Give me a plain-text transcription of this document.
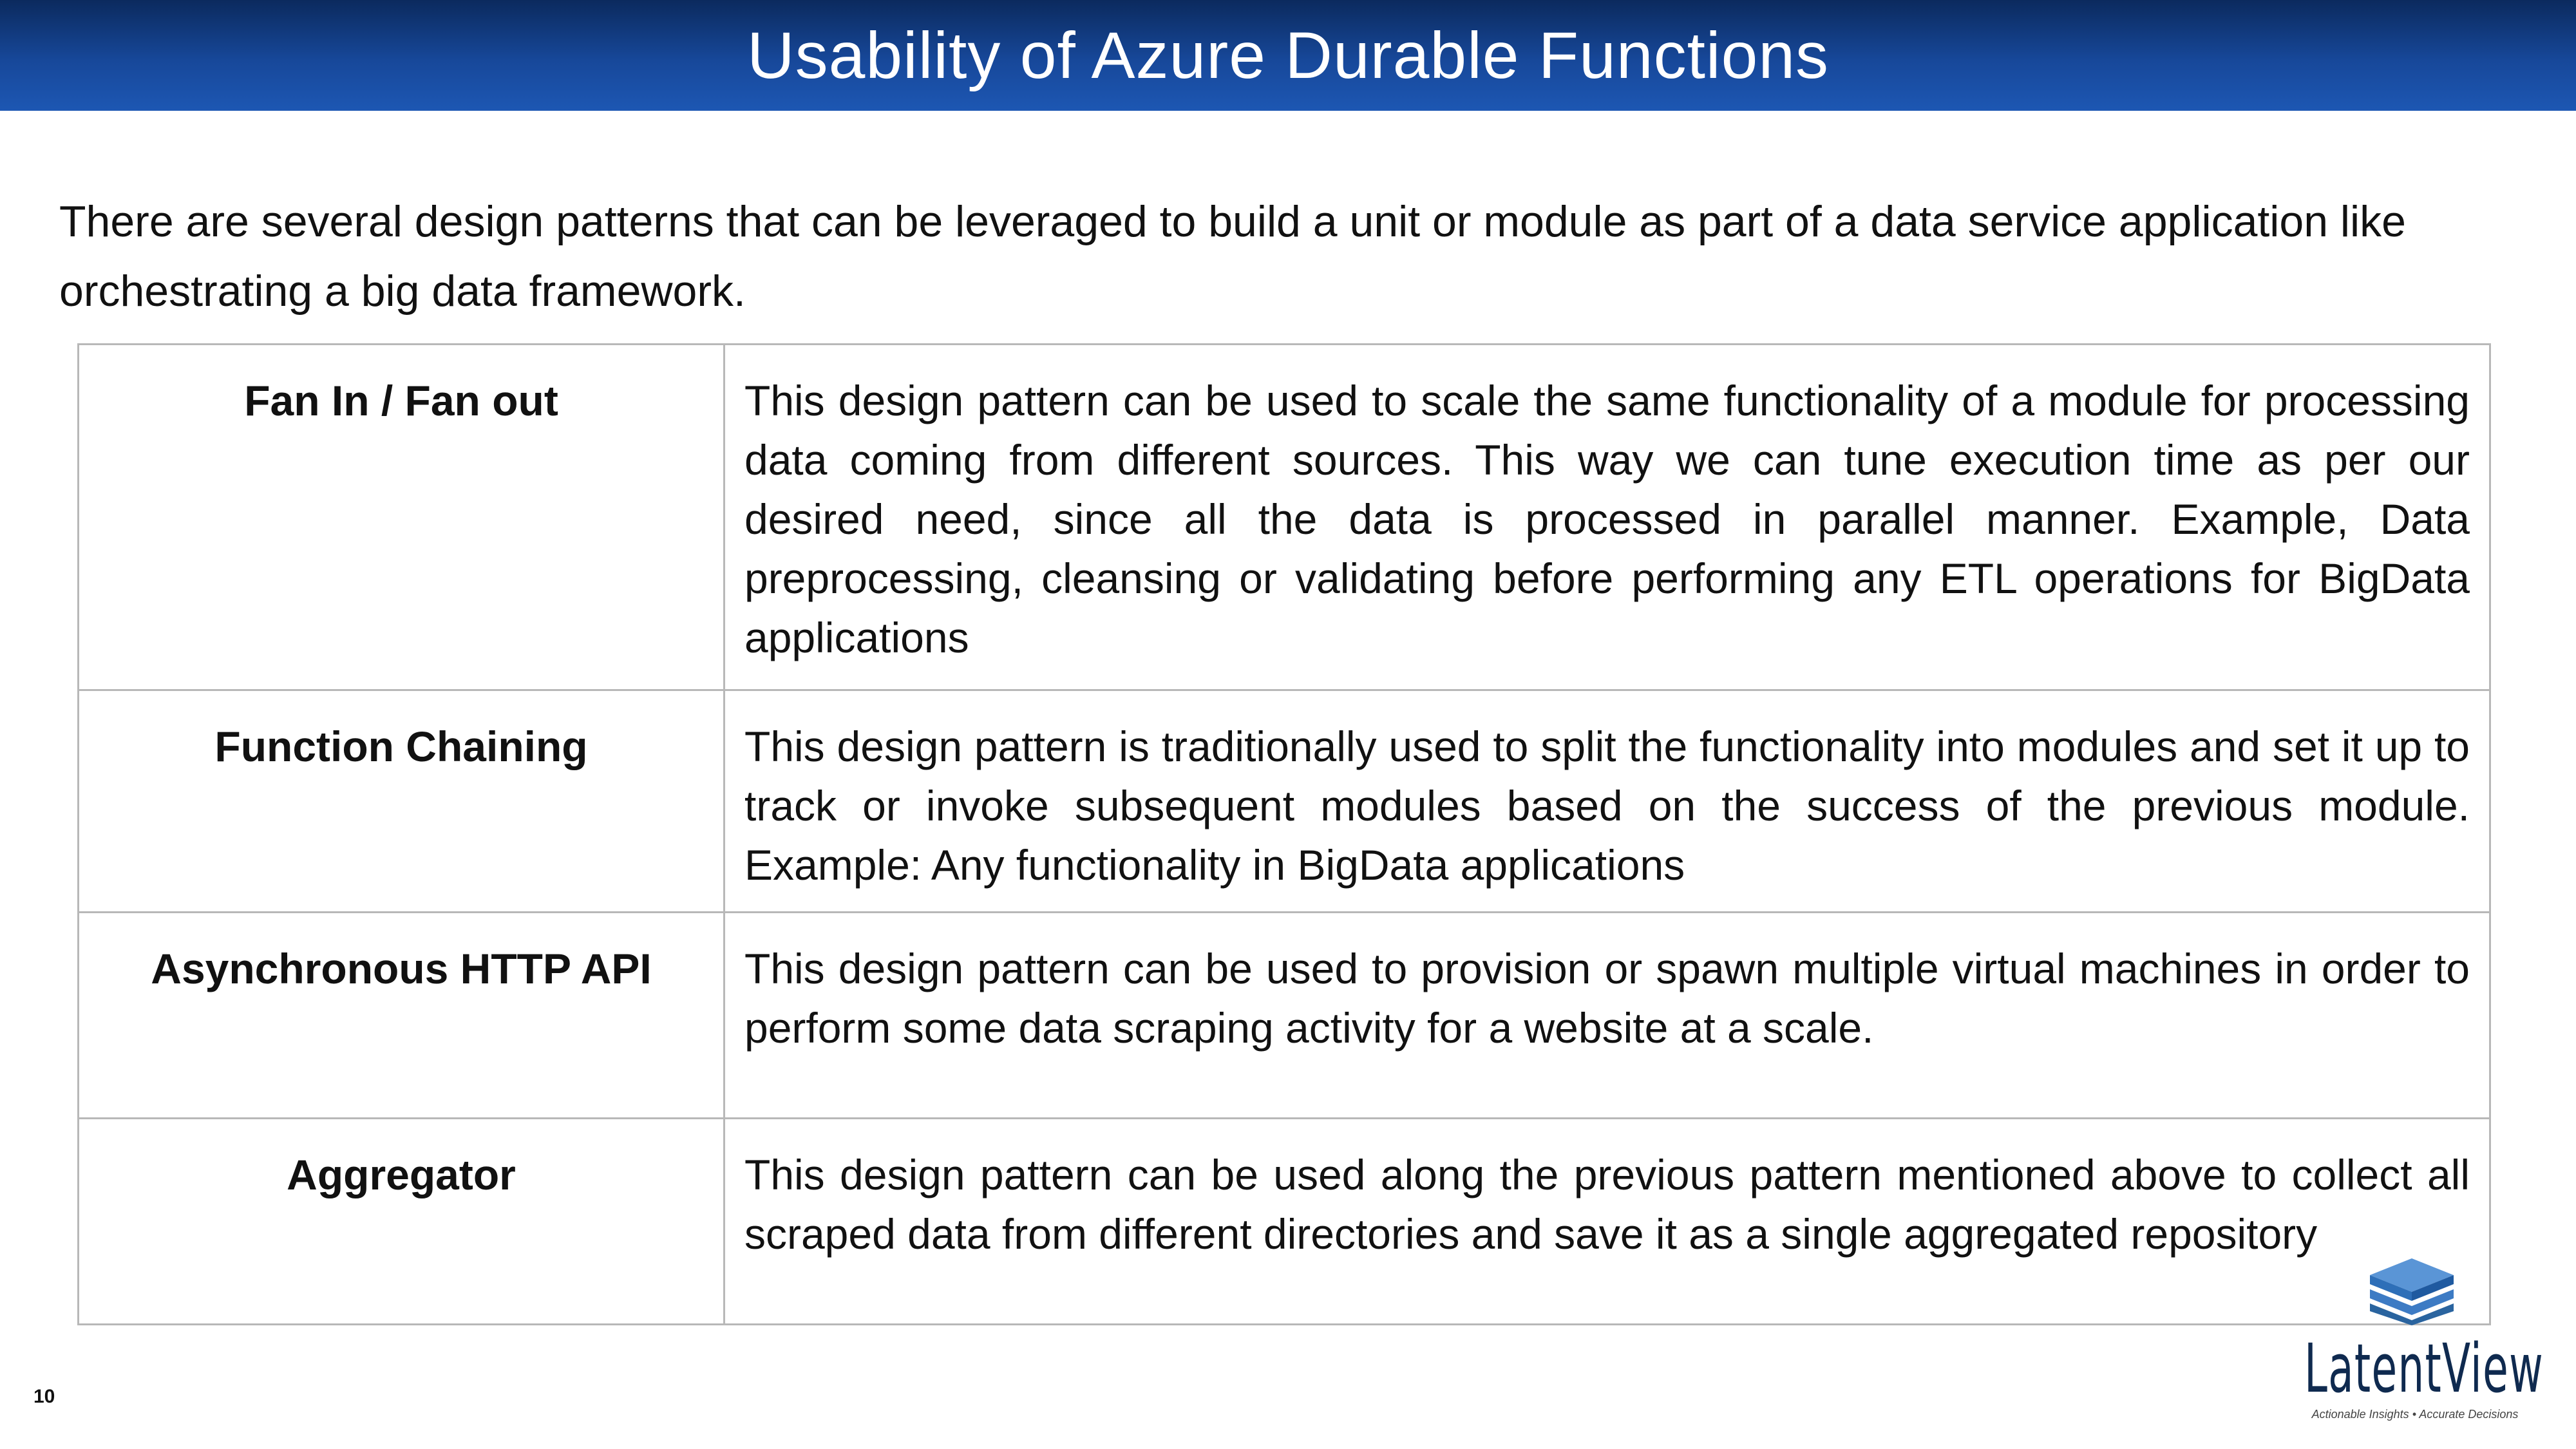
Usability of Azure Durable Functions

There are several design patterns that can be leveraged to build a unit or module as part of a data service application like orchestrating a big data framework.

Fan In / Fan out	This design pattern can be used to scale the same functionality of a module for processing data coming from different sources. This way we can tune execution time as per our desired need, since all the data is processed in parallel manner. Example, Data preprocessing, cleansing or validating before performing any ETL operations for BigData applications
Function Chaining	This design pattern is traditionally used to split the functionality into modules and set it up to track or invoke subsequent modules based on the success of the previous module. Example: Any functionality in BigData applications
Asynchronous HTTP API	This design pattern can be used to provision or spawn multiple virtual machines in order to perform some data scraping activity for a website at a scale.
Aggregator	This design pattern can be used along the previous pattern mentioned above to collect all scraped data from different directories and save it as a single aggregated repository
10	LatentView
Actionable Insights • Accurate Decisions
